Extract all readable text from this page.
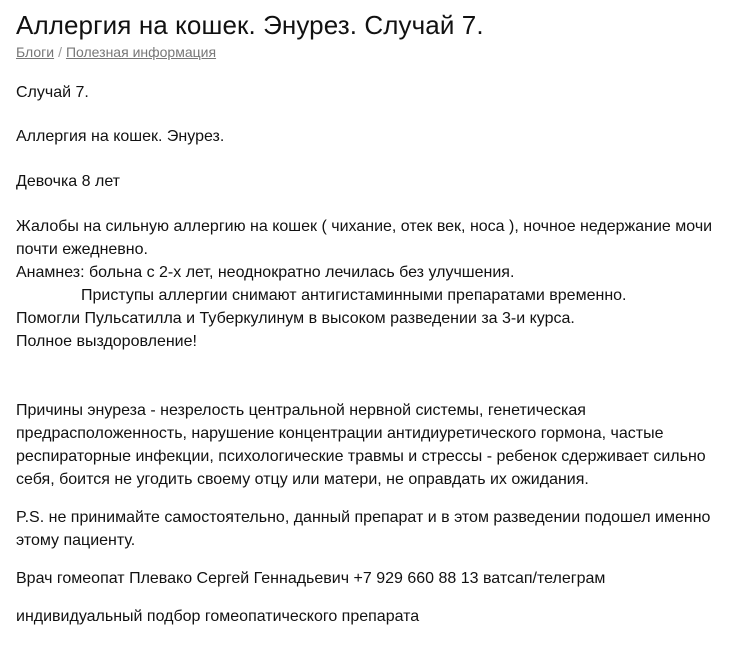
Аллергия на кошек. Энурез. Случай 7.
Блоги / Полезная информация

Случай 7.

Аллергия на кошек. Энурез.

Девочка 8 лет

Жалобы на сильную аллергию на кошек ( чихание, отек век, носа ), ночное недержание мочи почти ежедневно.

Анамнез: больна с 2-х лет, неоднократно лечилась без улучшения.

Приступы аллергии снимают антигистаминными препаратами временно.

Помогли Пульсатилла и Туберкулинум в высоком разведении за 3-и курса.

Полное выздоровление!

Причины энуреза - незрелость центральной нервной системы, генетическая предрасположенность, нарушение концентрации антидиуретического гормона, частые респираторные инфекции, психологические травмы и стрессы - ребенок сдерживает сильно себя, боится не угодить своему отцу или матери, не оправдать их ожидания.

P.S. не принимайте самостоятельно, данный препарат и в этом разведении подошел именно этому пациенту.

Врач гомеопат Плевако Сергей Геннадьевич +7 929 660 88 13 ватсап/телеграм

индивидуальный подбор гомеопатического препарата
